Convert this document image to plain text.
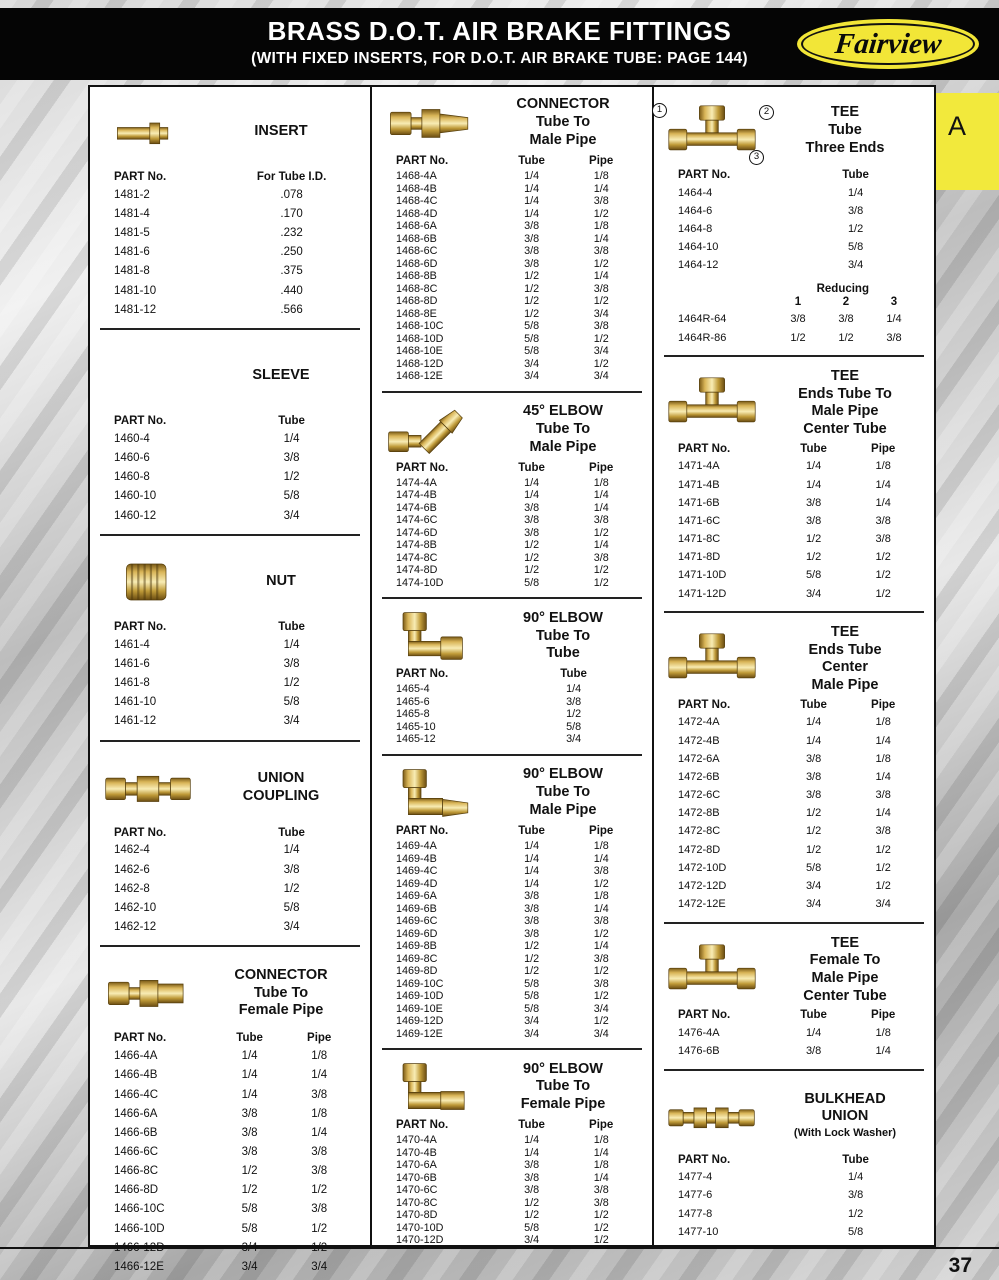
BRASS D.O.T. AIR BRAKE FITTINGS
(WITH FIXED INSERTS, FOR D.O.T. AIR BRAKE TUBE: PAGE 144)	Fairview
INSERT
PART No.	For Tube I.D.
1481-2	.078
1481-4	.170
1481-5	.232
1481-6	.250
1481-8	.375
1481-10	.440
1481-12	.566
SLEEVE
PART No.	Tube
1460-4	1/4
1460-6	3/8
1460-8	1/2
1460-10	5/8
1460-12	3/4
NUT
PART No.	Tube
1461-4	1/4
1461-6	3/8
1461-8	1/2
1461-10	5/8
1461-12	3/4
UNION
COUPLING
PART No.	Tube
1462-4	1/4
1462-6	3/8
1462-8	1/2
1462-10	5/8
1462-12	3/4
CONNECTOR
Tube To
Female Pipe
PART No.	Tube	Pipe
1466-4A	1/4	1/8
1466-4B	1/4	1/4
1466-4C	1/4	3/8
1466-6A	3/8	1/8
1466-6B	3/8	1/4
1466-6C	3/8	3/8
1466-8C	1/2	3/8
1466-8D	1/2	1/2
1466-10C	5/8	3/8
1466-10D	5/8	1/2
1466-12D	3/4	1/2
1466-12E	3/4	3/4
CONNECTOR
Tube To
Male Pipe
PART No.	Tube	Pipe
1468-4A	1/4	1/8
1468-4B	1/4	1/4
1468-4C	1/4	3/8
1468-4D	1/4	1/2
1468-6A	3/8	1/8
1468-6B	3/8	1/4
1468-6C	3/8	3/8
1468-6D	3/8	1/2
1468-8B	1/2	1/4
1468-8C	1/2	3/8
1468-8D	1/2	1/2
1468-8E	1/2	3/4
1468-10C	5/8	3/8
1468-10D	5/8	1/2
1468-10E	5/8	3/4
1468-12D	3/4	1/2
1468-12E	3/4	3/4
45° ELBOW
Tube To
Male Pipe
PART No.	Tube	Pipe
1474-4A	1/4	1/8
1474-4B	1/4	1/4
1474-6B	3/8	1/4
1474-6C	3/8	3/8
1474-6D	3/8	1/2
1474-8B	1/2	1/4
1474-8C	1/2	3/8
1474-8D	1/2	1/2
1474-10D	5/8	1/2
90° ELBOW
Tube To
Tube
PART No.	Tube
1465-4	1/4
1465-6	3/8
1465-8	1/2
1465-10	5/8
1465-12	3/4
90° ELBOW
Tube To
Male Pipe
PART No.	Tube	Pipe
1469-4A	1/4	1/8
1469-4B	1/4	1/4
1469-4C	1/4	3/8
1469-4D	1/4	1/2
1469-6A	3/8	1/8
1469-6B	3/8	1/4
1469-6C	3/8	3/8
1469-6D	3/8	1/2
1469-8B	1/2	1/4
1469-8C	1/2	3/8
1469-8D	1/2	1/2
1469-10C	5/8	3/8
1469-10D	5/8	1/2
1469-10E	5/8	3/4
1469-12D	3/4	1/2
1469-12E	3/4	3/4
90° ELBOW
Tube To
Female Pipe
PART No.	Tube	Pipe
1470-4A	1/4	1/8
1470-4B	1/4	1/4
1470-6A	3/8	1/8
1470-6B	3/8	1/4
1470-6C	3/8	3/8
1470-8C	1/2	3/8
1470-8D	1/2	1/2
1470-10D	5/8	1/2
1470-12D	3/4	1/2
1	2
3
TEE
Tube
Three Ends
PART No.	Tube
1464-4	1/4
1464-6	3/8
1464-8	1/2
1464-10	5/8
1464-12	3/4
Reducing
	1	2	3
1464R-64	3/8	3/8	1/4
1464R-86	1/2	1/2	3/8
TEE
Ends Tube To
Male Pipe
Center Tube
PART No.	Tube	Pipe
1471-4A	1/4	1/8
1471-4B	1/4	1/4
1471-6B	3/8	1/4
1471-6C	3/8	3/8
1471-8C	1/2	3/8
1471-8D	1/2	1/2
1471-10D	5/8	1/2
1471-12D	3/4	1/2
TEE
Ends Tube
Center
Male Pipe
PART No.	Tube	Pipe
1472-4A	1/4	1/8
1472-4B	1/4	1/4
1472-6A	3/8	1/8
1472-6B	3/8	1/4
1472-6C	3/8	3/8
1472-8B	1/2	1/4
1472-8C	1/2	3/8
1472-8D	1/2	1/2
1472-10D	5/8	1/2
1472-12D	3/4	1/2
1472-12E	3/4	3/4
TEE
Female To
Male Pipe
Center Tube
PART No.	Tube	Pipe
1476-4A	1/4	1/8
1476-6B	3/8	1/4
BULKHEAD
UNION
(With Lock Washer)
PART No.	Tube
1477-4	1/4
1477-6	3/8
1477-8	1/2
1477-10	5/8
A
37
